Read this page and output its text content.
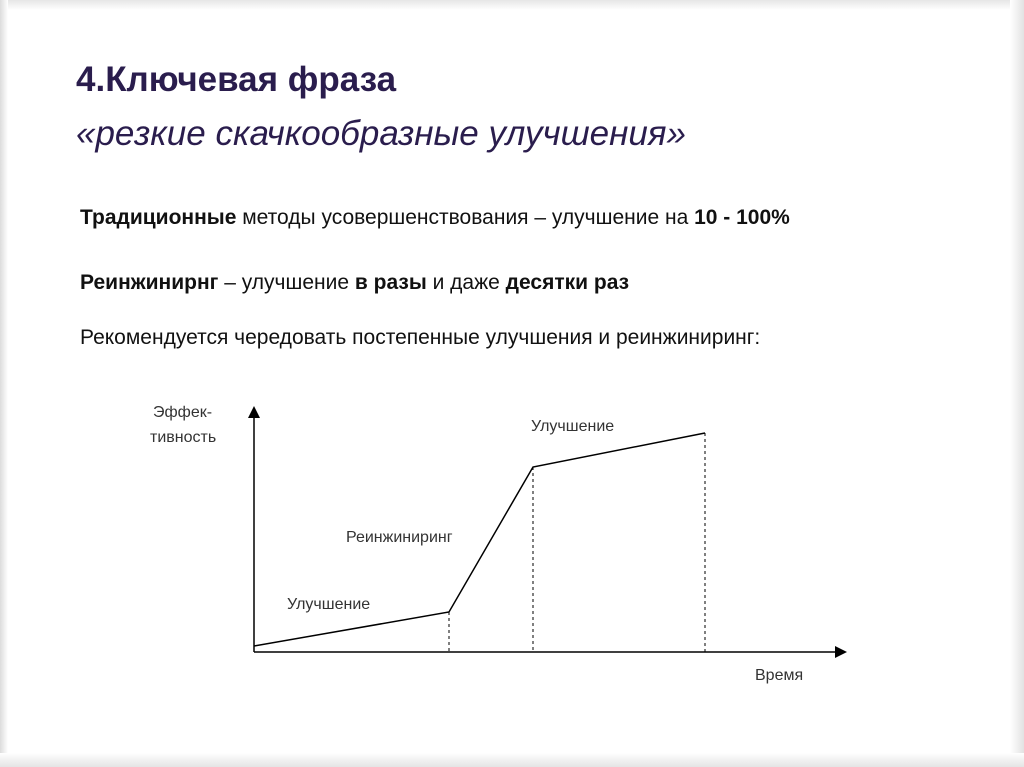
4.Ключевая фраза
«резкие скачкообразные улучшения»
Традиционные методы усовершенствования – улучшение на 10 - 100%
Реинжинирнг – улучшение в разы и даже десятки раз
Рекомендуется чередовать постепенные улучшения и реинжиниринг:
Эффек-
тивность
Время
Улучшение
Реинжиниринг
Улучшение
